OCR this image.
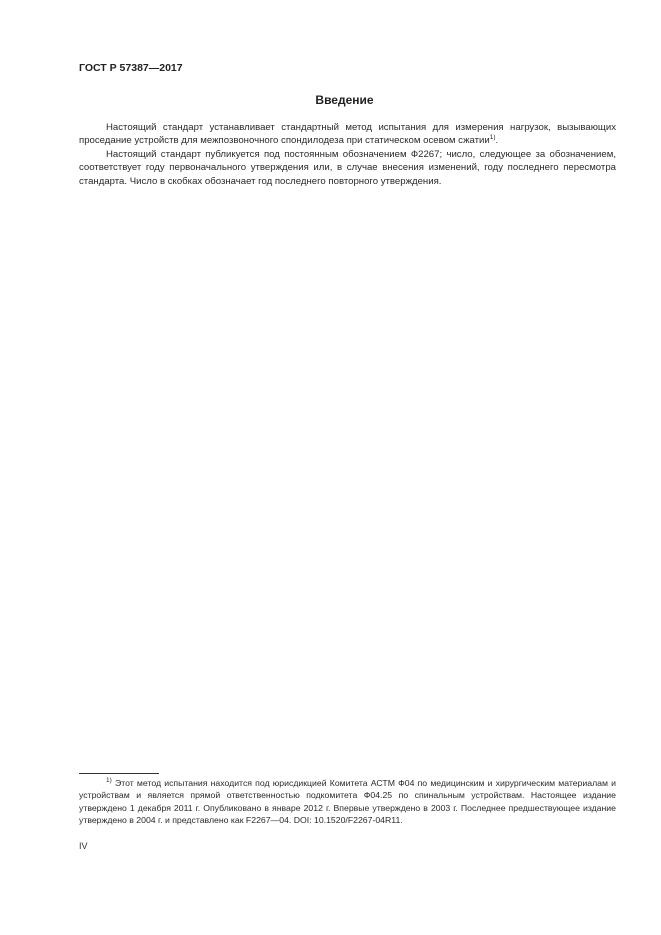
ГОСТ Р 57387—2017
Введение

Настоящий стандарт устанавливает стандартный метод испытания для измерения нагрузок, вызывающих проседание устройств для межпозвоночного спондилодеза при статическом осевом сжатии$^{1)}$.

Настоящий стандарт публикуется под постоянным обозначением Ф2267; число, следующее за обозначением, соответствует году первоначального утверждения или, в случае внесения изменений, году последнего пересмотра стандарта. Число в скобках обозначает год последнего повторного утверждения.

$^{1)}$ Этот метод испытания находится под юрисдикцией Комитета АСТМ Ф04 по медицинским и хирургическим материалам и устройствам и является прямой ответственностью подкомитета Ф04.25 по спинальным устройствам. Настоящее издание утверждено 1 декабря 2011 г. Опубликовано в январе 2012 г. Впервые утверждено в 2003 г. Последнее предшествующее издание утверждено в 2004 г. и представлено как F2267—04. DOI: 10.1520/F2267-04R11.

IV
